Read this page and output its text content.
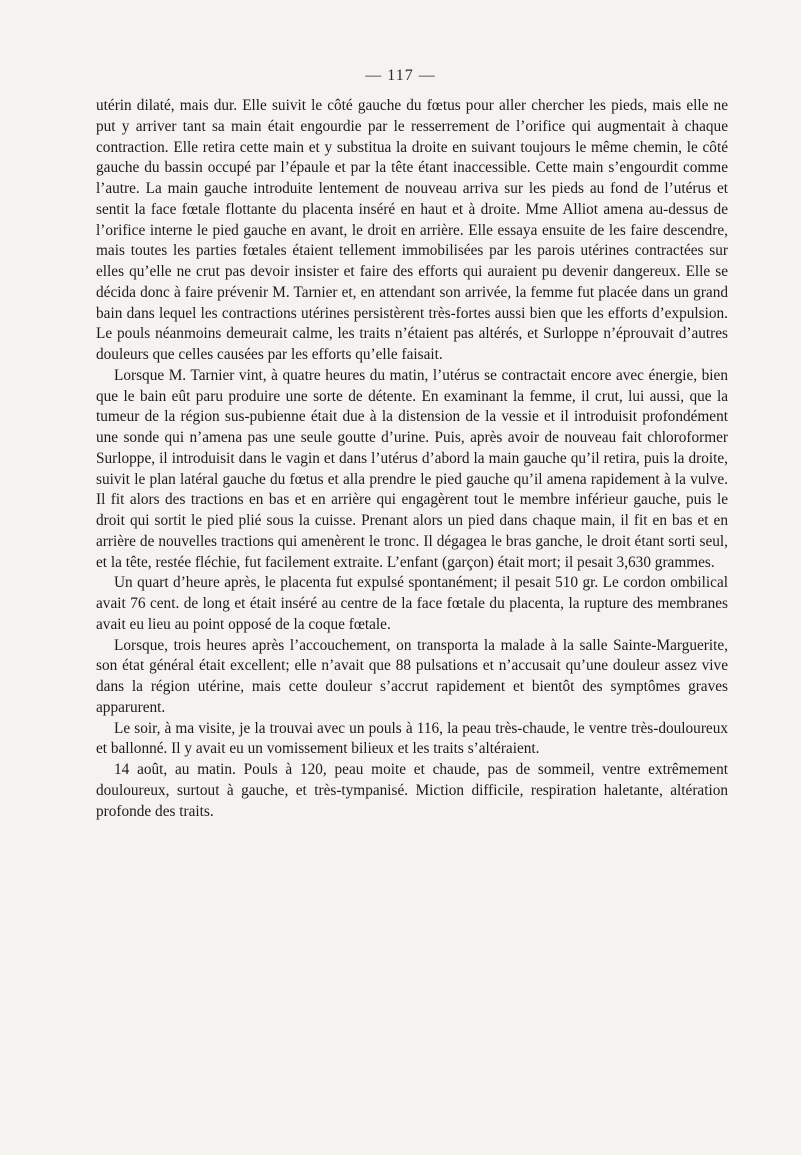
— 117 —

utérin dilaté, mais dur. Elle suivit le côté gauche du fœtus pour aller chercher les pieds, mais elle ne put y arriver tant sa main était engourdie par le resserrement de l’orifice qui augmentait à chaque contraction. Elle retira cette main et y substitua la droite en suivant toujours le même chemin, le côté gauche du bassin occupé par l’épaule et par la tête étant inaccessible. Cette main s’engourdit comme l’autre. La main gauche introduite lentement de nouveau arriva sur les pieds au fond de l’utérus et sentit la face fœtale flottante du placenta inséré en haut et à droite. Mme Alliot amena au-dessus de l’orifice interne le pied gauche en avant, le droit en arrière. Elle essaya ensuite de les faire descendre, mais toutes les parties fœtales étaient tellement immobilisées par les parois utérines contractées sur elles qu’elle ne crut pas devoir insister et faire des efforts qui auraient pu devenir dangereux. Elle se décida donc à faire prévenir M. Tarnier et, en attendant son arrivée, la femme fut placée dans un grand bain dans lequel les contractions utérines persistèrent très-fortes aussi bien que les efforts d’expulsion. Le pouls néanmoins demeurait calme, les traits n’étaient pas altérés, et Surloppe n’éprouvait d’autres douleurs que celles causées par les efforts qu’elle faisait.

Lorsque M. Tarnier vint, à quatre heures du matin, l’utérus se contractait encore avec énergie, bien que le bain eût paru produire une sorte de détente. En examinant la femme, il crut, lui aussi, que la tumeur de la région sus-pubienne était due à la distension de la vessie et il introduisit profondément une sonde qui n’amena pas une seule goutte d’urine. Puis, après avoir de nouveau fait chloroformer Surloppe, il introduisit dans le vagin et dans l’utérus d’abord la main gauche qu’il retira, puis la droite, suivit le plan latéral gauche du fœtus et alla prendre le pied gauche qu’il amena rapidement à la vulve. Il fit alors des tractions en bas et en arrière qui engagèrent tout le membre inférieur gauche, puis le droit qui sortit le pied plié sous la cuisse. Prenant alors un pied dans chaque main, il fit en bas et en arrière de nouvelles tractions qui amenèrent le tronc. Il dégagea le bras ganche, le droit étant sorti seul, et la tête, restée fléchie, fut facilement extraite. L’enfant (garçon) était mort; il pesait 3,630 grammes.

Un quart d’heure après, le placenta fut expulsé spontanément; il pesait 510 gr. Le cordon ombilical avait 76 cent. de long et était inséré au centre de la face fœtale du placenta, la rupture des membranes avait eu lieu au point opposé de la coque fœtale.

Lorsque, trois heures après l’accouchement, on transporta la malade à la salle Sainte-Marguerite, son état général était excellent; elle n’avait que 88 pulsations et n’accusait qu’une douleur assez vive dans la région utérine, mais cette douleur s’accrut rapidement et bientôt des symptômes graves apparurent.

Le soir, à ma visite, je la trouvai avec un pouls à 116, la peau très-chaude, le ventre très-douloureux et ballonné. Il y avait eu un vomissement bilieux et les traits s’altéraient.

14 août, au matin. Pouls à 120, peau moite et chaude, pas de sommeil, ventre extrêmement douloureux, surtout à gauche, et très-tympanisé. Miction difficile, respiration haletante, altération profonde des traits.
